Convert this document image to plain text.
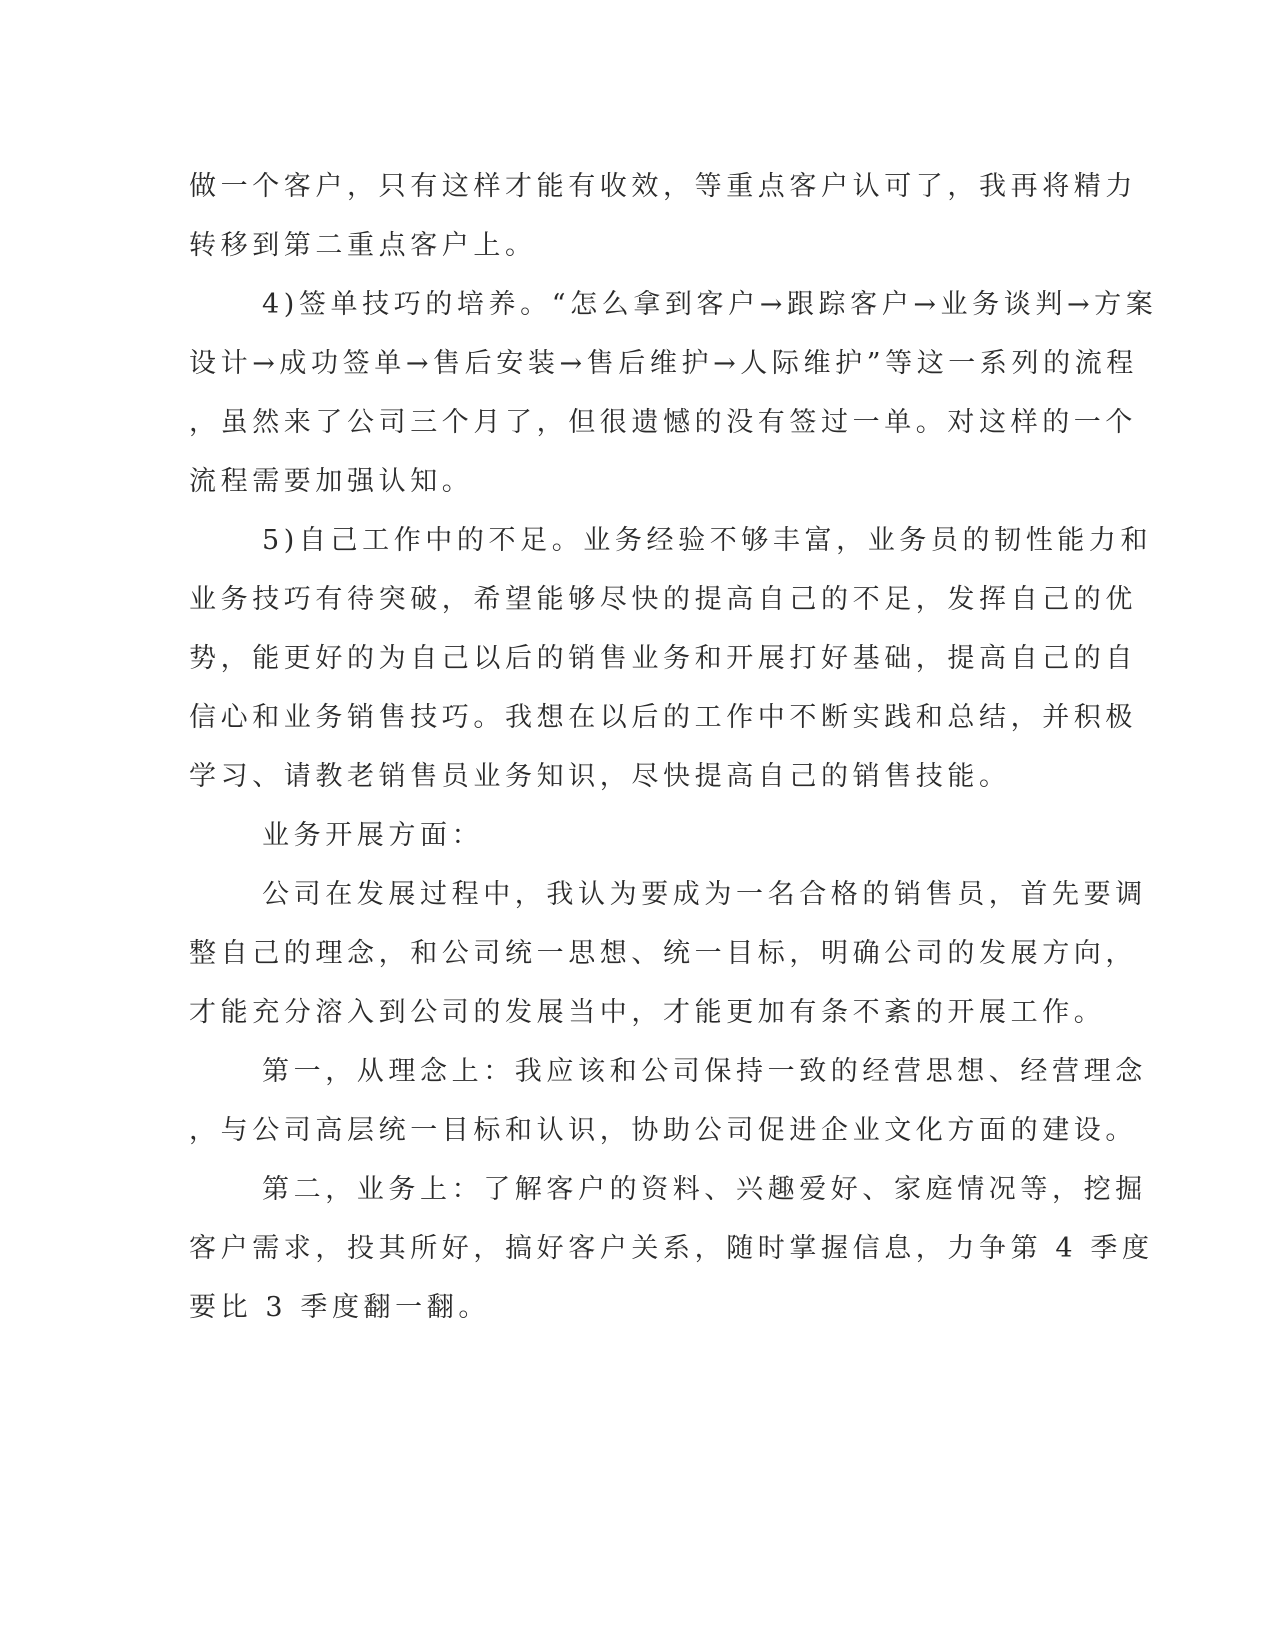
做一个客户，只有这样才能有收效，等重点客户认可了，我再将精力
转移到第二重点客户上。
4)签单技巧的培养。“怎么拿到客户→跟踪客户→业务谈判→方案
设计→成功签单→售后安装→售后维护→人际维护”等这一系列的流程
，虽然来了公司三个月了，但很遗憾的没有签过一单。对这样的一个
流程需要加强认知。
5)自己工作中的不足。业务经验不够丰富，业务员的韧性能力和
业务技巧有待突破，希望能够尽快的提高自己的不足，发挥自己的优
势，能更好的为自己以后的销售业务和开展打好基础，提高自己的自
信心和业务销售技巧。我想在以后的工作中不断实践和总结，并积极
学习、请教老销售员业务知识，尽快提高自己的销售技能。
业务开展方面：
公司在发展过程中，我认为要成为一名合格的销售员，首先要调
整自己的理念，和公司统一思想、统一目标，明确公司的发展方向，
才能充分溶入到公司的发展当中，才能更加有条不紊的开展工作。
第一，从理念上：我应该和公司保持一致的经营思想、经营理念
，与公司高层统一目标和认识，协助公司促进企业文化方面的建设。
第二，业务上：了解客户的资料、兴趣爱好、家庭情况等，挖掘
客户需求，投其所好，搞好客户关系，随时掌握信息，力争第 4 季度
要比 3 季度翻一翻。
